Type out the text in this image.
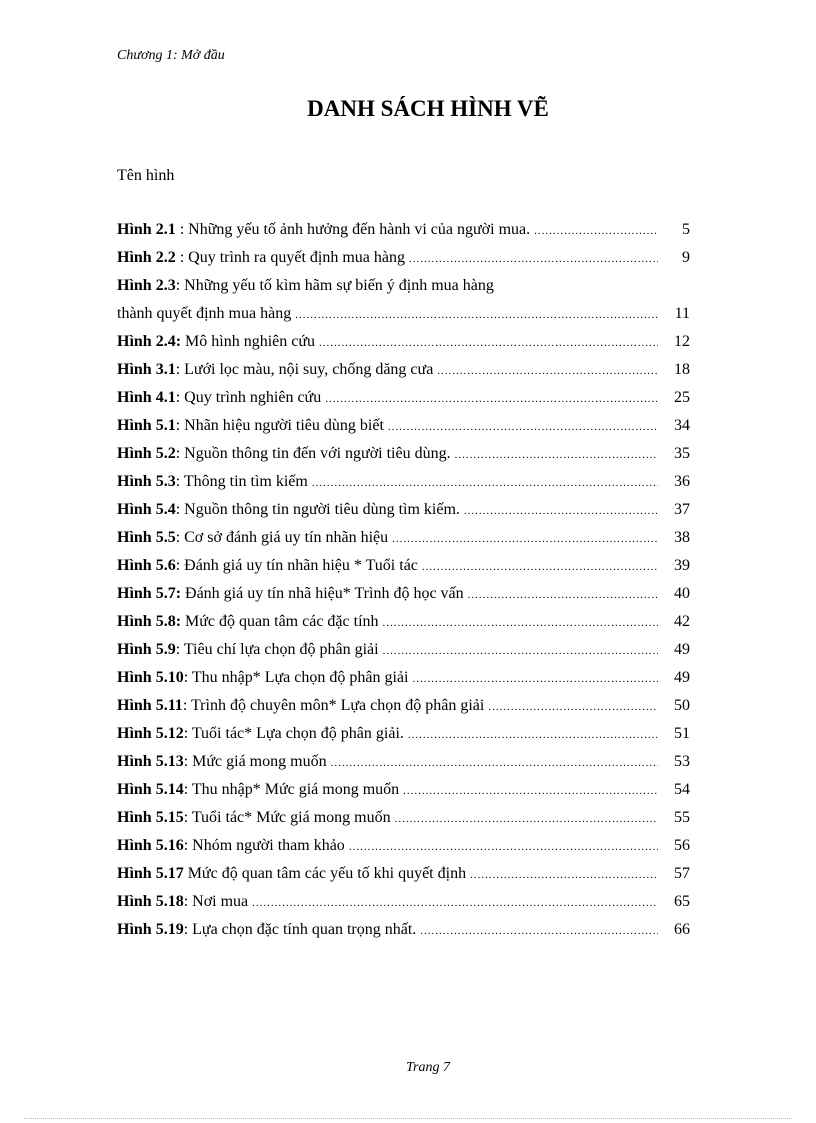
Chương 1: Mở đầu
DANH SÁCH HÌNH VẼ
Tên hình
Hình 2.1 : Những yếu tố ảnh hưởng đến hành vi của người mua. .....	5
Hình 2.2 : Quy trình ra quyết định mua hàng .....	9
Hình 2.3: Những yếu tố kìm hãm sự biến ý định mua hàng
thành quyết định mua hàng .....	11
Hình 2.4: Mô hình nghiên cứu .....	12
Hình 3.1: Lưới lọc màu, nội suy, chống dăng cưa .....	18
Hình 4.1: Quy trình nghiên cứu .....	25
Hình 5.1: Nhãn hiệu người tiêu dùng biết .....	34
Hình 5.2: Nguồn thông tin đến với người tiêu dùng. .....	35
Hình 5.3: Thông tin tìm kiếm .....	36
Hình 5.4: Nguồn thông tin người tiêu dùng tìm kiếm. .....	37
Hình 5.5: Cơ sở đánh giá uy tín nhãn hiệu .....	38
Hình 5.6: Đánh giá uy tín nhãn hiệu * Tuổi tác .....	39
Hình 5.7: Đánh giá uy tín nhã hiệu* Trình độ học vấn .....	40
Hình 5.8: Mức độ quan tâm các đặc tính .....	42
Hình 5.9: Tiêu chí lựa chọn độ phân giải .....	49
Hình 5.10: Thu nhập* Lựa chọn độ phân giải .....	49
Hình 5.11: Trình độ chuyên môn* Lựa chọn độ phân giải .....	50
Hình 5.12: Tuổi tác* Lựa chọn độ phân giải. .....	51
Hình 5.13: Mức giá mong muốn .....	53
Hình 5.14: Thu nhập* Mức giá mong muốn .....	54
Hình 5.15: Tuổi tác* Mức giá mong muốn .....	55
Hình 5.16: Nhóm người tham khảo .....	56
Hình 5.17 Mức độ quan tâm các yếu tố khi quyết định .....	57
Hình 5.18: Nơi mua .....	65
Hình 5.19: Lựa chọn đặc tính quan trọng nhất. .....	66
Trang 7
